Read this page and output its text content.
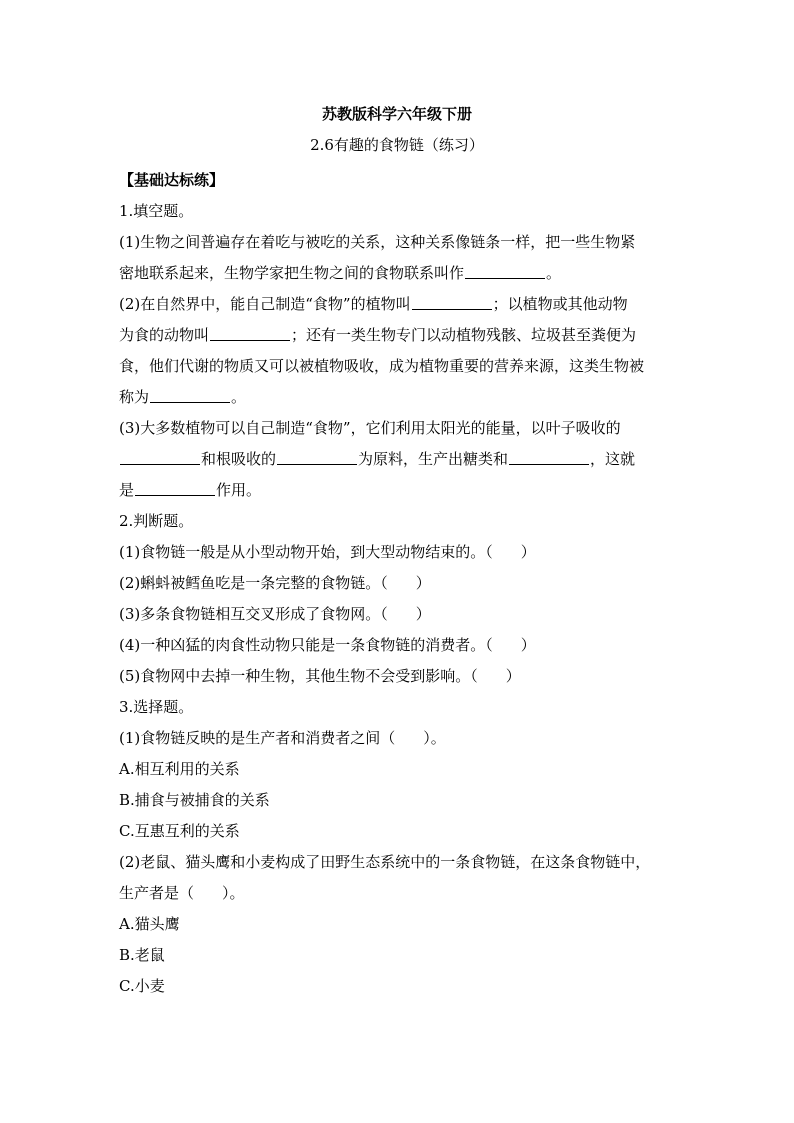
苏教版科学六年级下册
2.6有趣的食物链（练习）
【基础达标练】
1.填空题。
(1)生物之间普遍存在着吃与被吃的关系，这种关系像链条一样，把一些生物紧
密地联系起来，生物学家把生物之间的食物联系叫作	。
(2)在自然界中，能自己制造“食物”的植物叫	；以植物或其他动物
为食的动物叫	；还有一类生物专门以动植物残骸、垃圾甚至粪便为
食，他们代谢的物质又可以被植物吸收，成为植物重要的营养来源，这类生物被
称为	。
(3)大多数植物可以自己制造“食物”，它们利用太阳光的能量，以叶子吸收的
和根吸收的	为原料，生产出糖类和	，这就
是	作用。
2.判断题。
(1)食物链一般是从小型动物开始，到大型动物结束的。（ ）
(2)蝌蚪被鳕鱼吃是一条完整的食物链。（ ）
(3)多条食物链相互交叉形成了食物网。（ ）
(4)一种凶猛的肉食性动物只能是一条食物链的消费者。（ ）
(5)食物网中去掉一种生物，其他生物不会受到影响。（ ）
3.选择题。
(1)食物链反映的是生产者和消费者之间（ ）。
A.相互利用的关系
B.捕食与被捕食的关系
C.互惠互利的关系
(2)老鼠、猫头鹰和小麦构成了田野生态系统中的一条食物链，在这条食物链中，
生产者是（ ）。
A.猫头鹰
B.老鼠
C.小麦
